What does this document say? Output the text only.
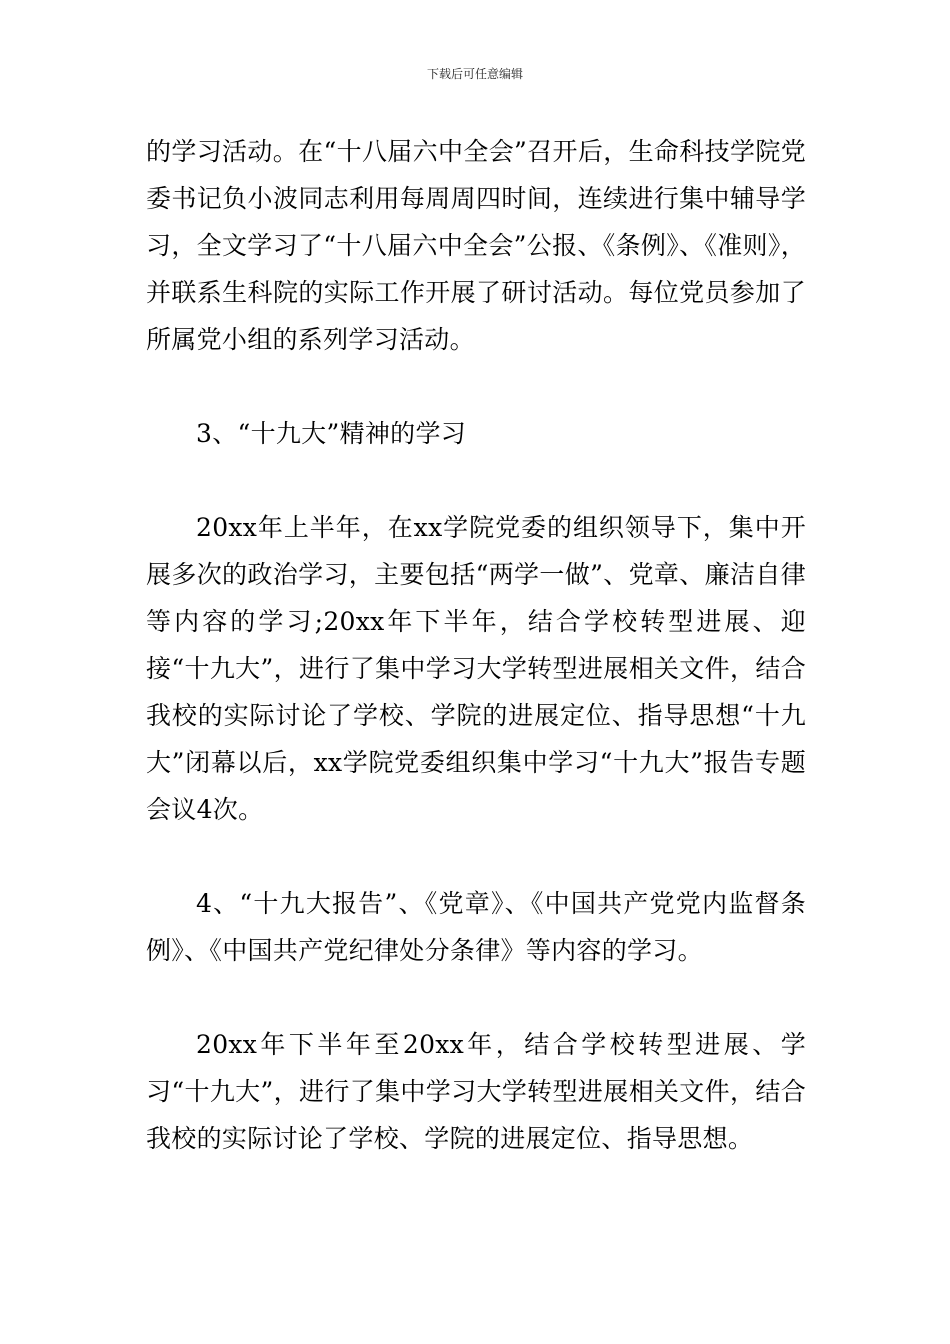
下载后可任意编辑

的学习活动。在“十八届六中全会”召开后，生命科技学院党委书记负小波同志利用每周周四时间，连续进行集中辅导学习，全文学习了“十八届六中全会”公报、《条例》、《准则》，并联系生科院的实际工作开展了研讨活动。每位党员参加了所属党小组的系列学习活动。

3、“十九大”精神的学习

20xx年上半年，在xx学院党委的组织领导下，集中开展多次的政治学习，主要包括“两学一做”、党章、廉洁自律等内容的学习;20xx年下半年，结合学校转型进展、迎接“十九大”，进行了集中学习大学转型进展相关文件，结合我校的实际讨论了学校、学院的进展定位、指导思想“十九大”闭幕以后，xx学院党委组织集中学习“十九大”报告专题会议4次。

4、“十九大报告”、《党章》、《中国共产党党内监督条例》、《中国共产党纪律处分条律》等内容的学习。

20xx年下半年至20xx年，结合学校转型进展、学习“十九大”，进行了集中学习大学转型进展相关文件，结合我校的实际讨论了学校、学院的进展定位、指导思想。
